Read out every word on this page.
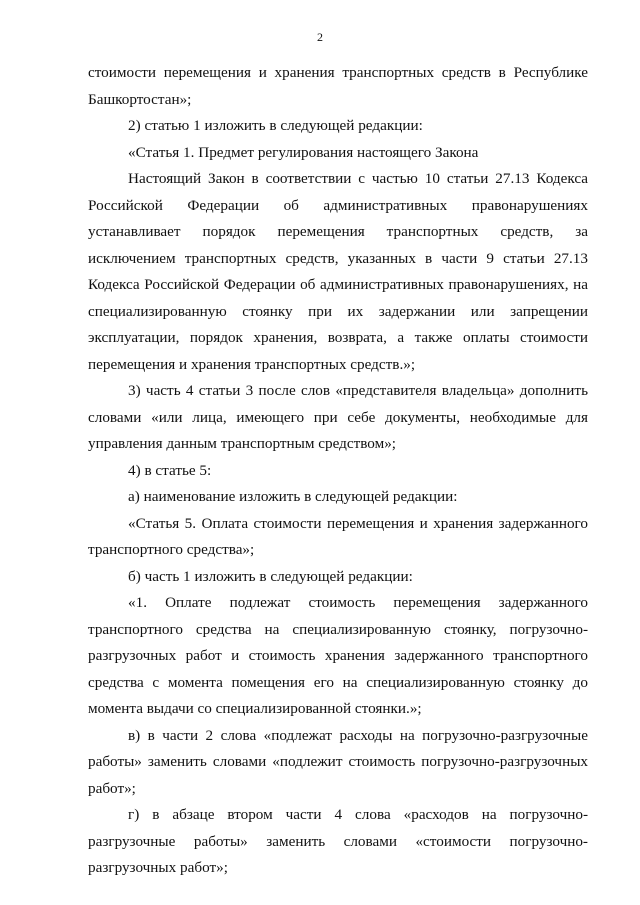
2

стоимости перемещения и хранения транспортных средств в Республике Башкортостан»;

2) статью 1 изложить в следующей редакции:

«Статья 1. Предмет регулирования настоящего Закона

Настоящий Закон в соответствии с частью 10 статьи 27.13 Кодекса Российской Федерации об административных правонарушениях устанавливает порядок перемещения транспортных средств, за исключением транспортных средств, указанных в части 9 статьи 27.13 Кодекса Российской Федерации об административных правонарушениях, на специализированную стоянку при их задержании или запрещении эксплуатации, порядок хранения, возврата, а также оплаты стоимости перемещения и хранения транспортных средств.»;

3) часть 4 статьи 3 после слов «представителя владельца» дополнить словами «или лица, имеющего при себе документы, необходимые для управления данным транспортным средством»;

4) в статье 5:

а) наименование изложить в следующей редакции:

«Статья 5. Оплата стоимости перемещения и хранения задержанного транспортного средства»;

б) часть 1 изложить в следующей редакции:

«1. Оплате подлежат стоимость перемещения задержанного транспортного средства на специализированную стоянку, погрузочно-разгрузочных работ и стоимость хранения задержанного транспортного средства с момента помещения его на специализированную стоянку до момента выдачи со специализированной стоянки.»;

в) в части 2 слова «подлежат расходы на погрузочно-разгрузочные работы» заменить словами «подлежит стоимость погрузочно-разгрузочных работ»;

г) в абзаце втором части 4 слова «расходов на погрузочно-разгрузочные работы» заменить словами «стоимости погрузочно-разгрузочных работ»;
